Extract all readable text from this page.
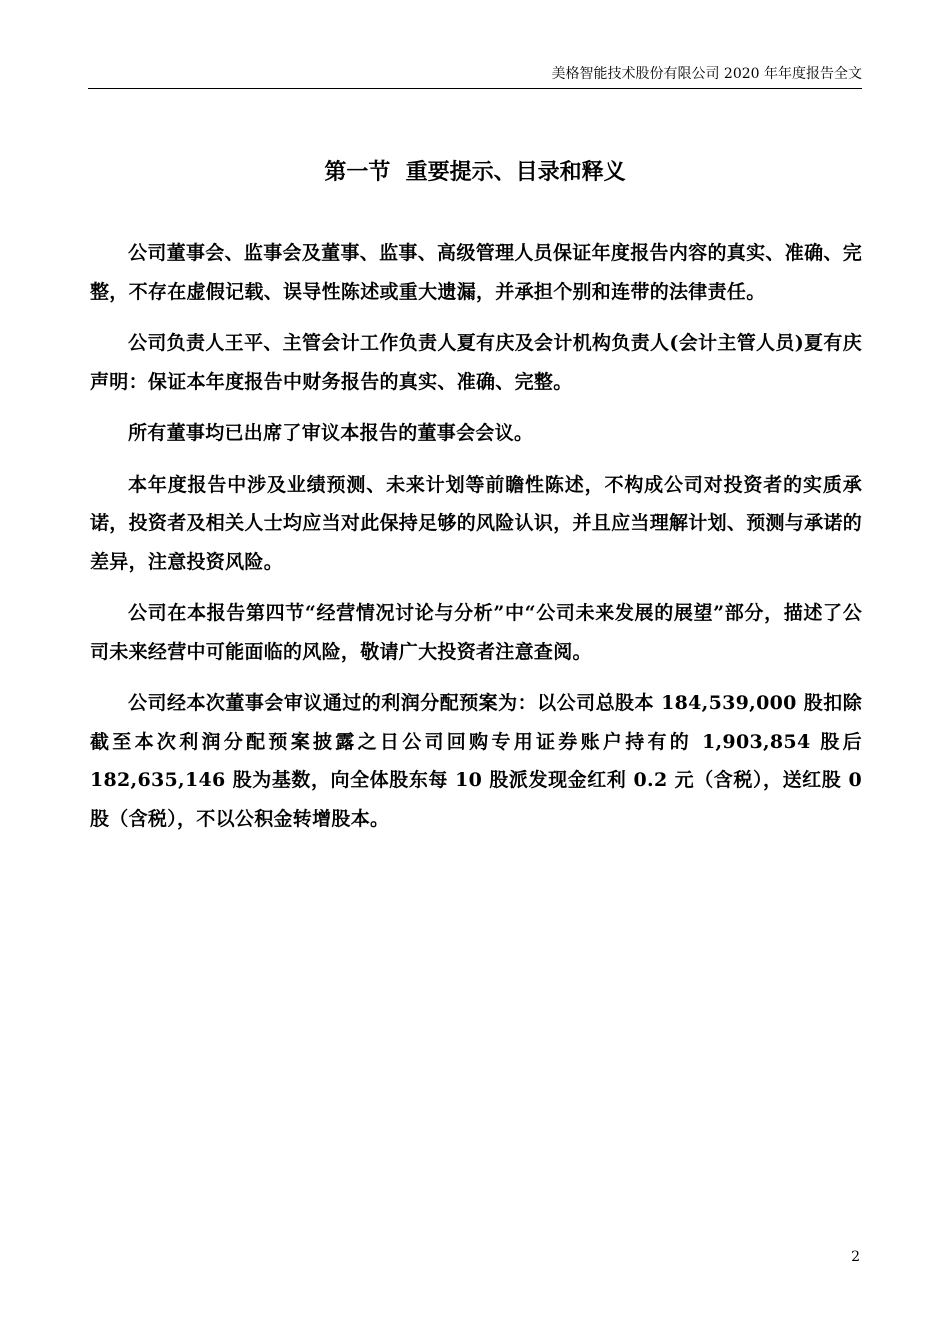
美格智能技术股份有限公司 2020 年年度报告全文
第一节  重要提示、目录和释义

公司董事会、监事会及董事、监事、高级管理人员保证年度报告内容的真实、准确、完整，不存在虚假记载、误导性陈述或重大遗漏，并承担个别和连带的法律责任。

公司负责人王平、主管会计工作负责人夏有庆及会计机构负责人(会计主管人员)夏有庆声明：保证本年度报告中财务报告的真实、准确、完整。

所有董事均已出席了审议本报告的董事会会议。

本年度报告中涉及业绩预测、未来计划等前瞻性陈述，不构成公司对投资者的实质承诺，投资者及相关人士均应当对此保持足够的风险认识，并且应当理解计划、预测与承诺的差异，注意投资风险。

公司在本报告第四节“经营情况讨论与分析”中“公司未来发展的展望”部分，描述了公司未来经营中可能面临的风险，敬请广大投资者注意查阅。

公司经本次董事会审议通过的利润分配预案为：以公司总股本 184,539,000 股扣除截至本次利润分配预案披露之日公司回购专用证券账户持有的 1,903,854 股后 182,635,146 股为基数，向全体股东每 10 股派发现金红利 0.2 元（含税），送红股 0 股（含税），不以公积金转增股本。

2
